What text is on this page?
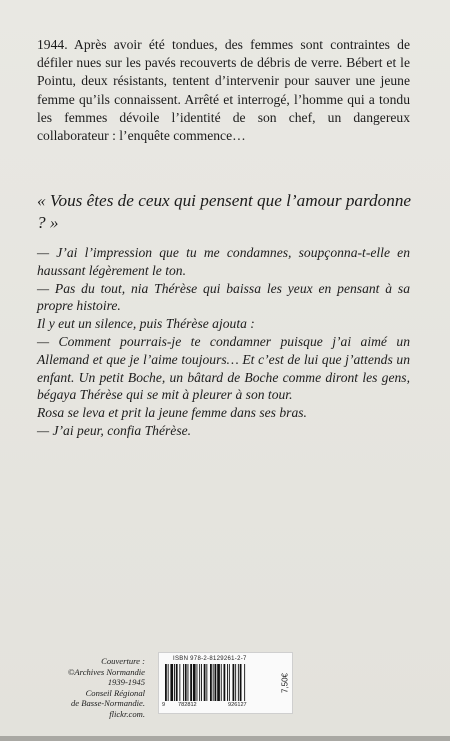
1944. Après avoir été tondues, des femmes sont contraintes de défiler nues sur les pavés recouverts de débris de verre. Bébert et le Pointu, deux résistants, tentent d’intervenir pour sauver une jeune femme qu’ils connaissent. Arrêté et interrogé, l’homme qui a tondu les femmes dévoile l’identité de son chef, un dangereux collaborateur : l’enquête commence…

« Vous êtes de ceux qui pensent que l’amour pardonne ? »

— J’ai l’impression que tu me condamnes, soupçonna-t-elle en haussant légèrement le ton.

— Pas du tout, nia Thérèse qui baissa les yeux en pensant à sa propre histoire.

Il y eut un silence, puis Thérèse ajouta :

— Comment pourrais-je te condamner puisque j’ai aimé un Allemand et que je l’aime toujours… Et c’est de lui que j’attends un enfant. Un petit Boche, un bâtard de Boche comme diront les gens, bégaya Thérèse qui se mit à pleurer à son tour.

Rosa se leva et prit la jeune femme dans ses bras.

— J’ai peur, confia Thérèse.

Couverture :
©Archives Normandie
1939-1945
Conseil Régional
de Basse-Normandie.
flickr.com.
ISBN 978-2-8129261-2-7
9 782812	926127
7,50€
